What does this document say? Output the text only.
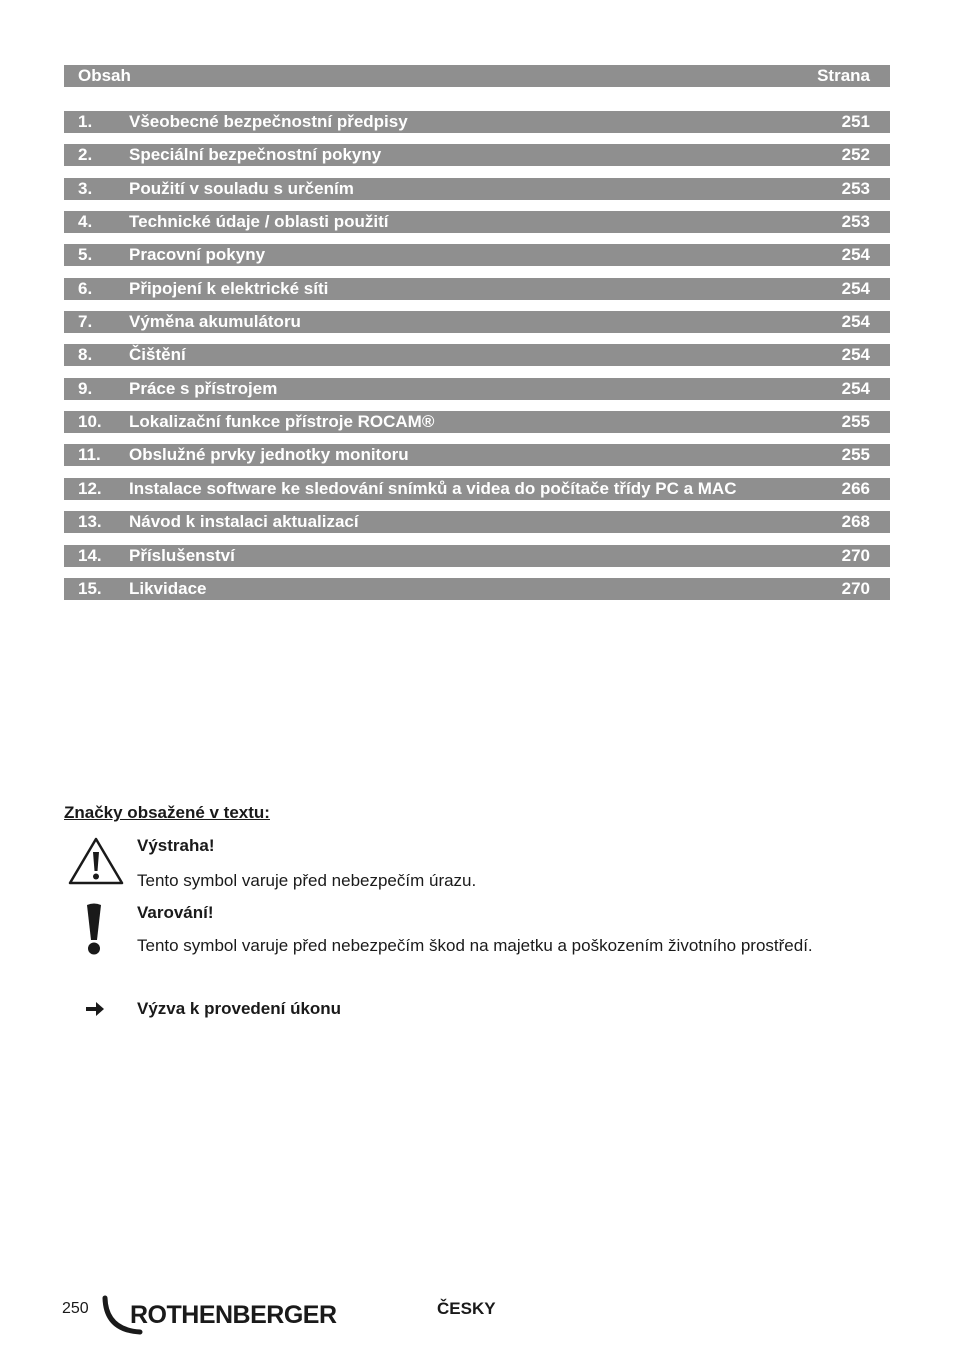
Obsah	Strana
1. Všeobecné bezpečnostní předpisy	251
2. Speciální bezpečnostní pokyny	252
3. Použití v souladu s určením	253
4. Technické údaje / oblasti použití	253
5. Pracovní pokyny	254
6. Připojení k elektrické síti	254
7. Výměna akumulátoru	254
8. Čištění	254
9. Práce s přístrojem	254
10. Lokalizační funkce přístroje ROCAM®	255
11. Obslužné prvky jednotky monitoru	255
12. Instalace software ke sledování snímků a videa do počítače třídy PC a MAC	266
13. Návod k instalaci aktualizací	268
14. Příslušenství	270
15. Likvidace	270
Značky obsažené v textu:
Výstraha!
Tento symbol varuje před nebezpečím úrazu.
Varování!
Tento symbol varuje před nebezpečím škod na majetku a poškozením životního prostředí.
Výzva k provedení úkonu
250 ROTHENBERGER	ČESKY
